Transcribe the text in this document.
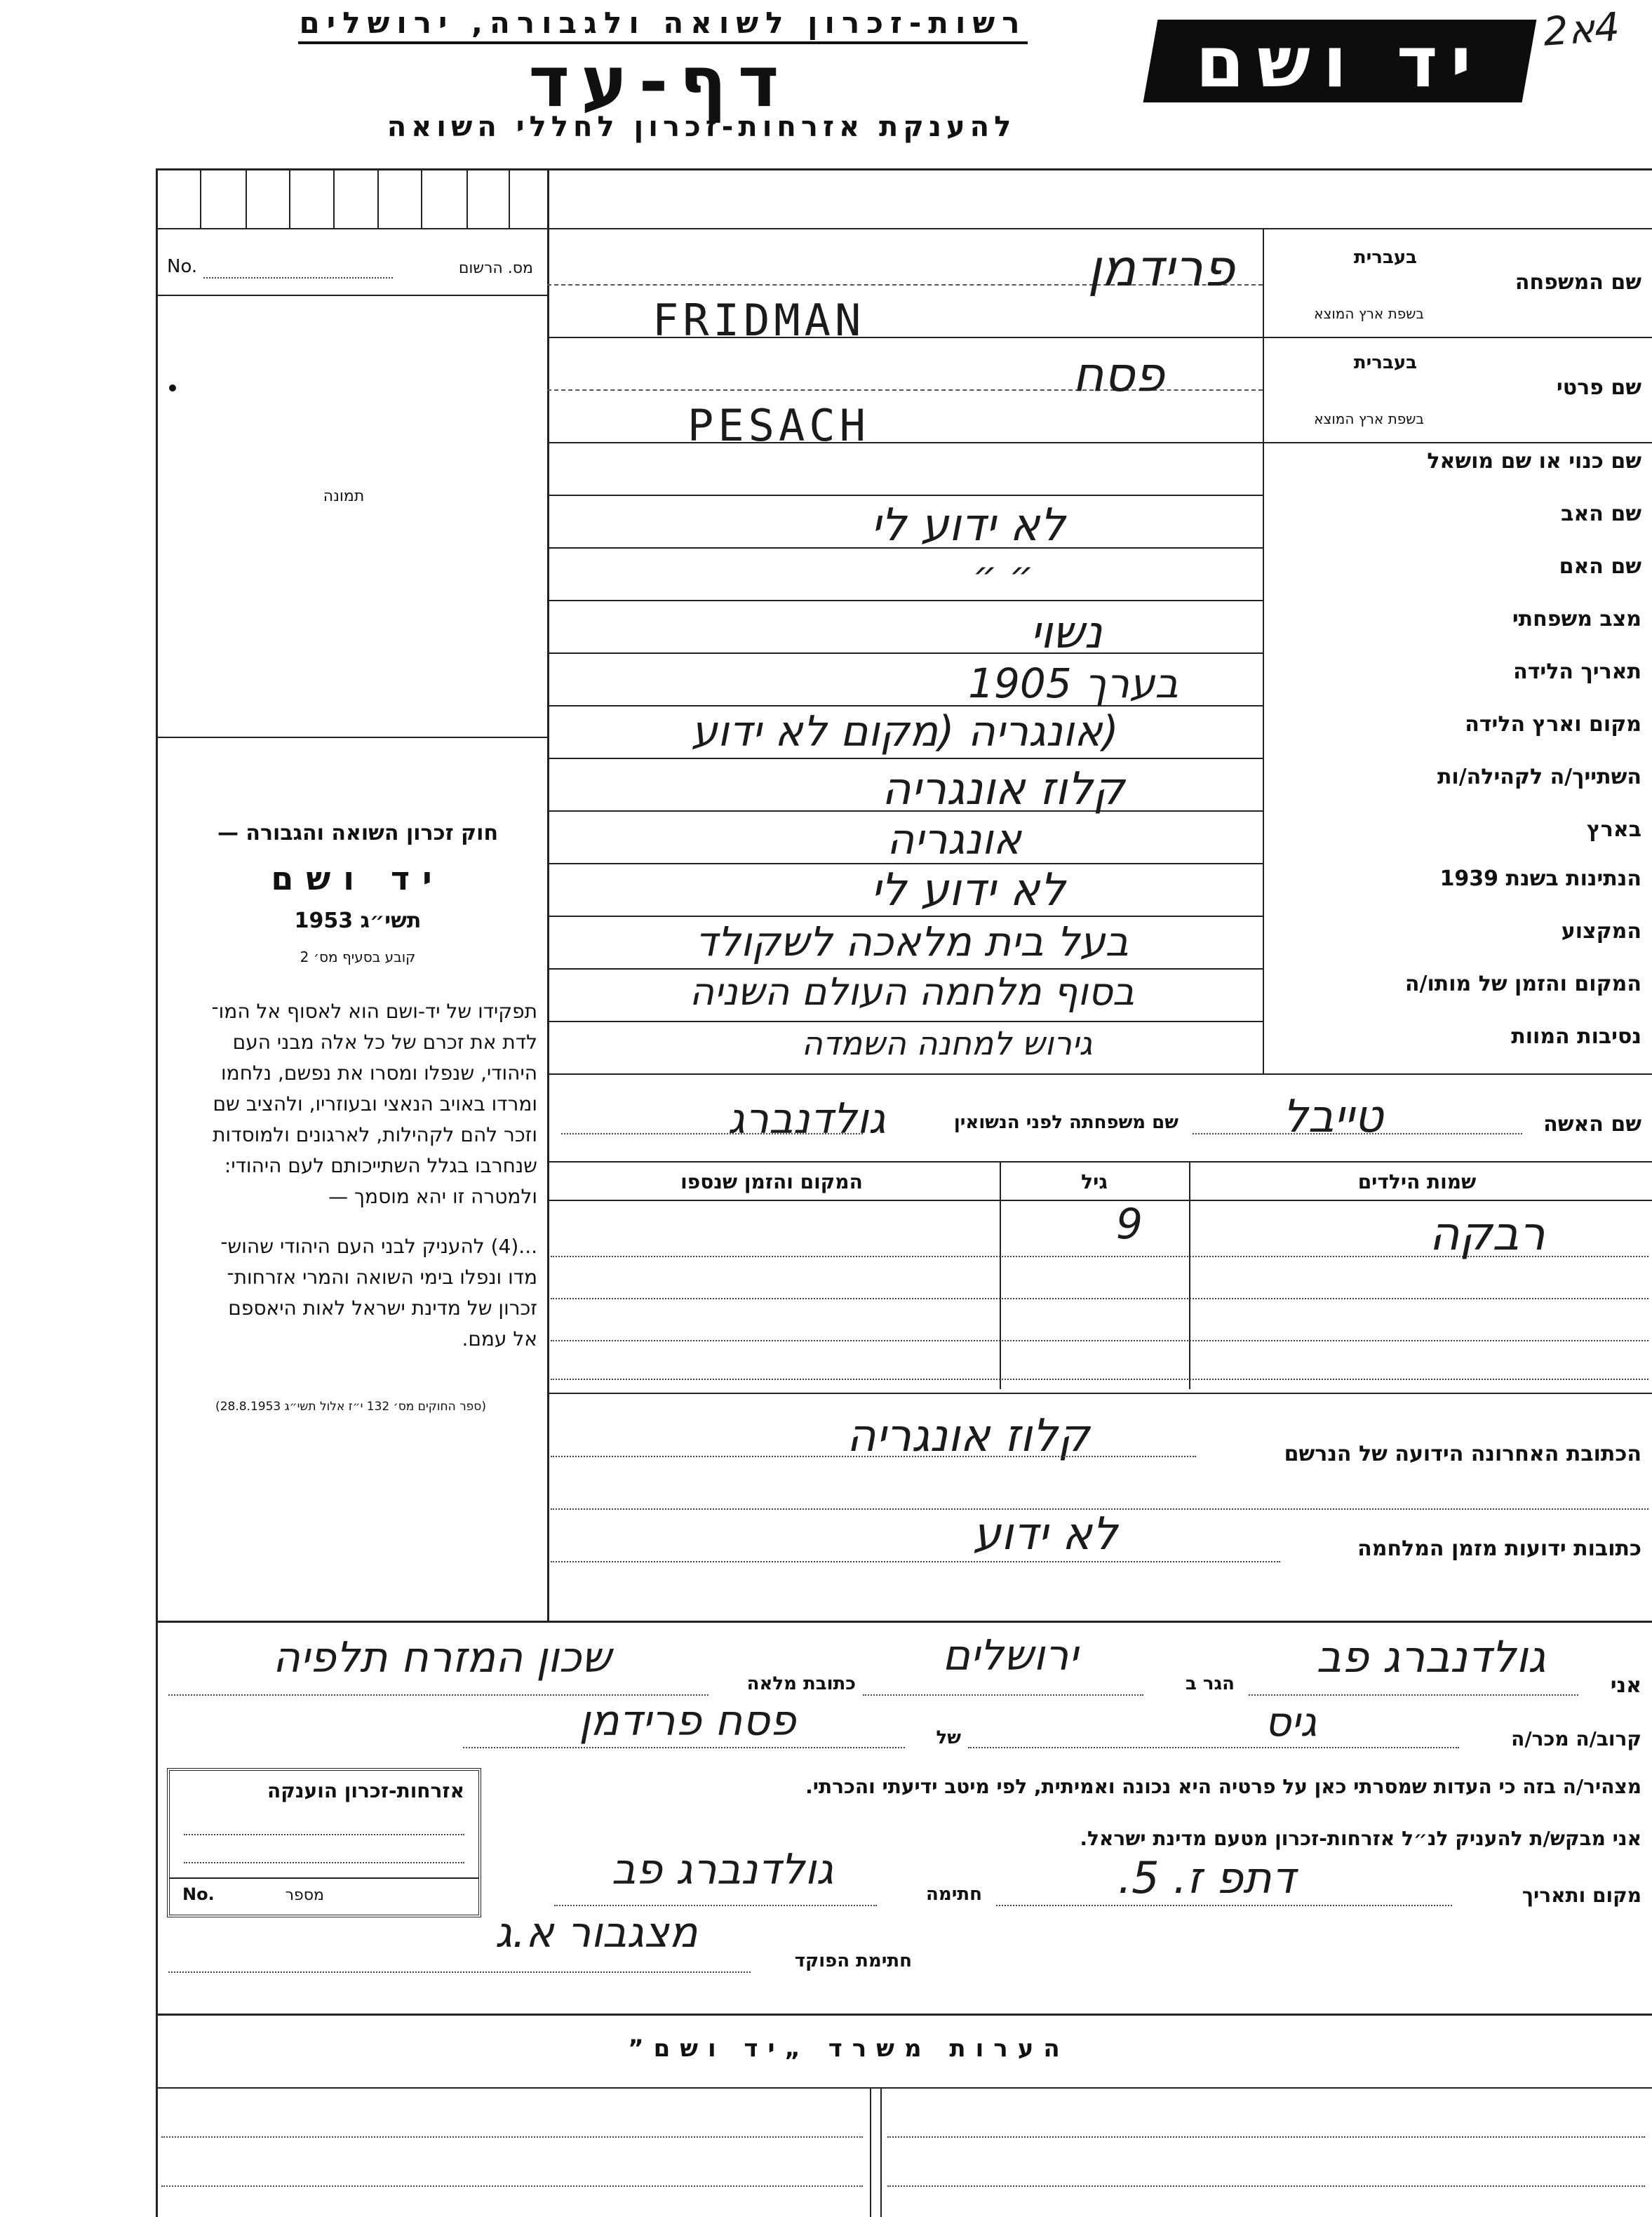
רשות-זכרון לשואה ולגבורה, ירושלים
דף-עד
להענקת אזרחות-זכרון לחללי השואה
יד ושם	4א2
מס. הרשום
No.
תמונה
חוק זכרון השואה והגבורה —
יד ושם
תשי״ג 1953
קובע בסעיף מס׳ 2
תפקידו של יד-ושם הוא לאסוף אל המו־
לדת את זכרם של כל אלה מבני העם
היהודי, שנפלו ומסרו את נפשם, נלחמו
ומרדו באויב הנאצי ובעוזריו, ולהציב שם
וזכר להם לקהילות, לארגונים ולמוסדות
שנחרבו בגלל השתייכותם לעם היהודי:
ולמטרה זו יהא מוסמך —
...(4) להעניק לבני העם היהודי שהוש־
מדו ונפלו בימי השואה והמרי אזרחות־
זכרון של מדינת ישראל לאות היאספם
אל עמם.
(ספר החוקים מס׳ 132 י״ז אלול תשי״ג 28.8.1953)
שם המשפחה
בעברית
בשפת ארץ המוצא
שם פרטי
בעברית
בשפת ארץ המוצא
שם כנוי או שם מושאל
שם האב
שם האם
מצב משפחתי
תאריך הלידה
מקום וארץ הלידה
השתייך/ה לקהילה/ות
בארץ
הנתינות בשנת 1939
המקצוע
המקום והזמן של מותו/ה
נסיבות המוות
פרידמן
FRIDMAN
פסח
PESACH
לא ידוע לי
״ ״
נשוי
בערך 1905
(אונגריה (מקום לא ידוע
קלוז אונגריה
אונגריה
לא ידוע לי
בעל בית מלאכה לשקולד
בסוף מלחמה העולם השניה
גירוש למחנה השמדה
שם האשה
טייבל
שם משפחתה לפני הנשואין
גולדנברג
שמות הילדים
גיל
המקום והזמן שנספו
רבקה
9
הכתובת האחרונה הידועה של הנרשם
קלוז אונגריה
לא ידוע	כתובות ידועות מזמן המלחמה
אני
גולדנברג פב
הגר ב
ירושלים
כתובת מלאה
שכון המזרח תלפיה
קרוב/ה מכר/ה
גיס
של
פסח פרידמן
מצהיר/ה בזה כי העדות שמסרתי כאן על פרטיה היא נכונה ואמיתית, לפי מיטב ידיעתי והכרתי.
אני מבקש/ת להעניק לנ״ל אזרחות-זכרון מטעם מדינת ישראל.
מקום ותאריך
דתפ ז. 5.
חתימה
גולדנברג פב
חתימת הפוקד
מצגבור א.ג
אזרחות-זכרון הוענקה
מספר
No.
הערות משרד „יד ושם”
